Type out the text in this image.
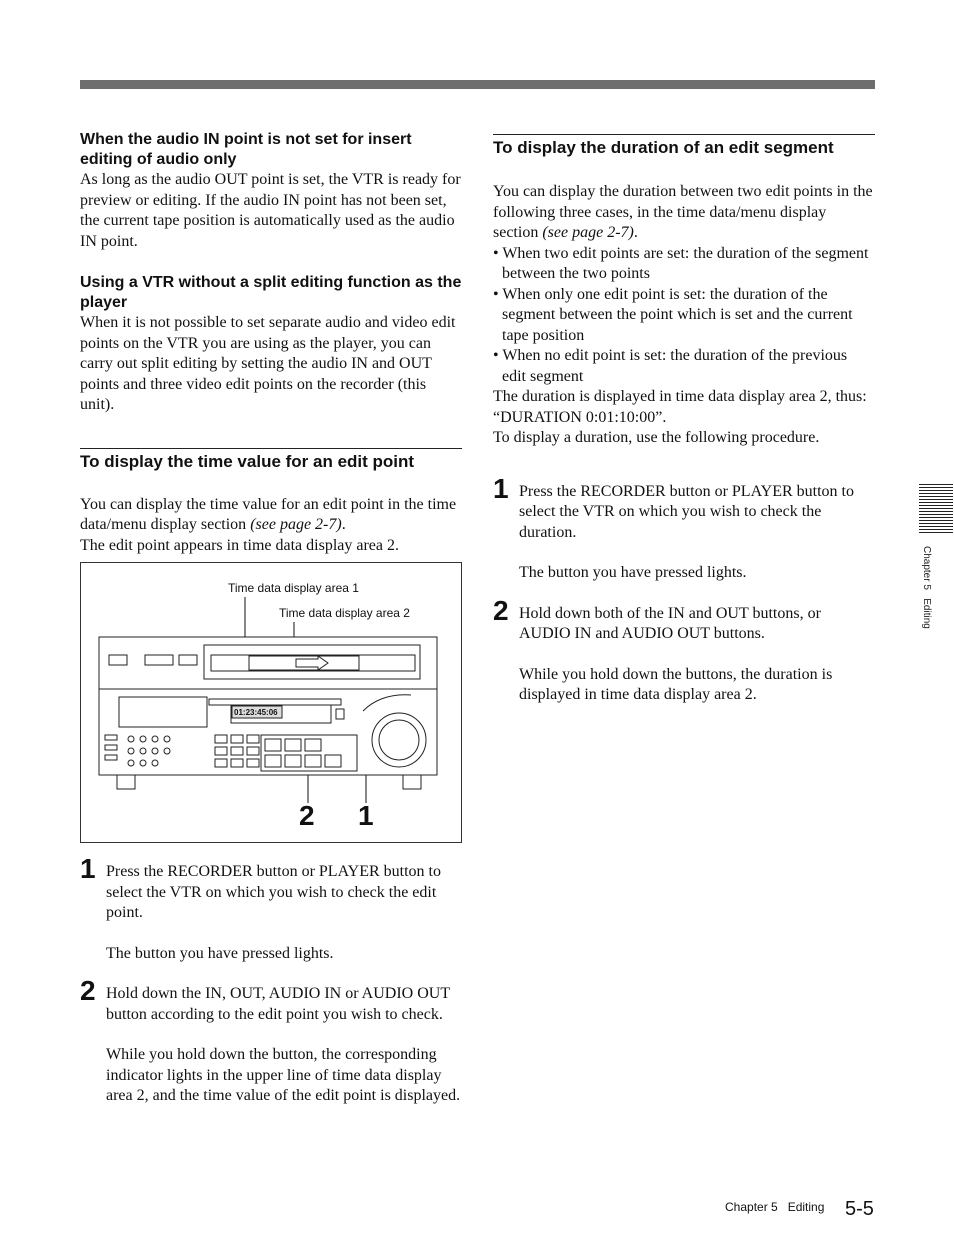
When the audio IN point is not set for insert editing of audio only

As long as the audio OUT point is set, the VTR is ready for preview or editing. If the audio IN point has not been set, the current tape position is automatically used as the audio IN point.

Using a VTR without a split editing function as the player

When it is not possible to set separate audio and video edit points on the VTR you are using as the player, you can carry out split editing by setting the audio IN and OUT points and three video edit points on the recorder (this unit).

To display the time value for an edit point

You can display the time value for an edit point in the time data/menu display section (see page 2-7).

The edit point appears in time data display area 2.

Time data display area 1
Time data display area 2
01:23:45:06
2 1
1 Press the RECORDER button or PLAYER button to select the VTR on which you wish to check the edit point.

The button you have pressed lights.

2 Hold down the IN, OUT, AUDIO IN or AUDIO OUT button according to the edit point you wish to check.

While you hold down the button, the corresponding indicator lights in the upper line of time data display area 2, and the time value of the edit point is displayed.

To display the duration of an edit segment

You can display the duration between two edit points in the following three cases, in the time data/menu display section (see page 2-7).

• When two edit points are set: the duration of the segment between the two points

• When only one edit point is set: the duration of the segment between the point which is set and the current tape position

• When no edit point is set: the duration of the previous edit segment

The duration is displayed in time data display area 2, thus: “DURATION 0:01:10:00”.

To display a duration, use the following procedure.

1 Press the RECORDER button or PLAYER button to select the VTR on which you wish to check the duration.

The button you have pressed lights.

2 Hold down both of the IN and OUT buttons, or AUDIO IN and AUDIO OUT buttons.

While you hold down the buttons, the duration is displayed in time data display area 2.

Chapter 5   Editing
Chapter 5   Editing 5-5
